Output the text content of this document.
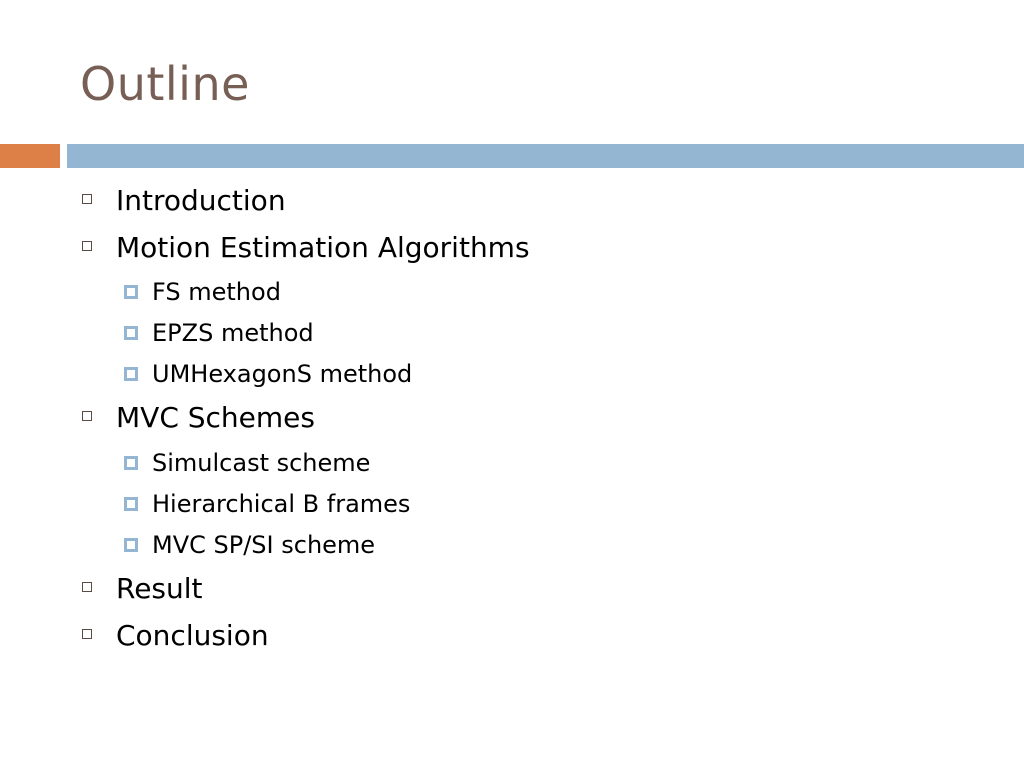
Outline
Introduction
Motion Estimation Algorithms
FS method
EPZS method
UMHexagonS method
MVC Schemes
Simulcast scheme
Hierarchical B frames
MVC SP/SI scheme
Result
Conclusion
